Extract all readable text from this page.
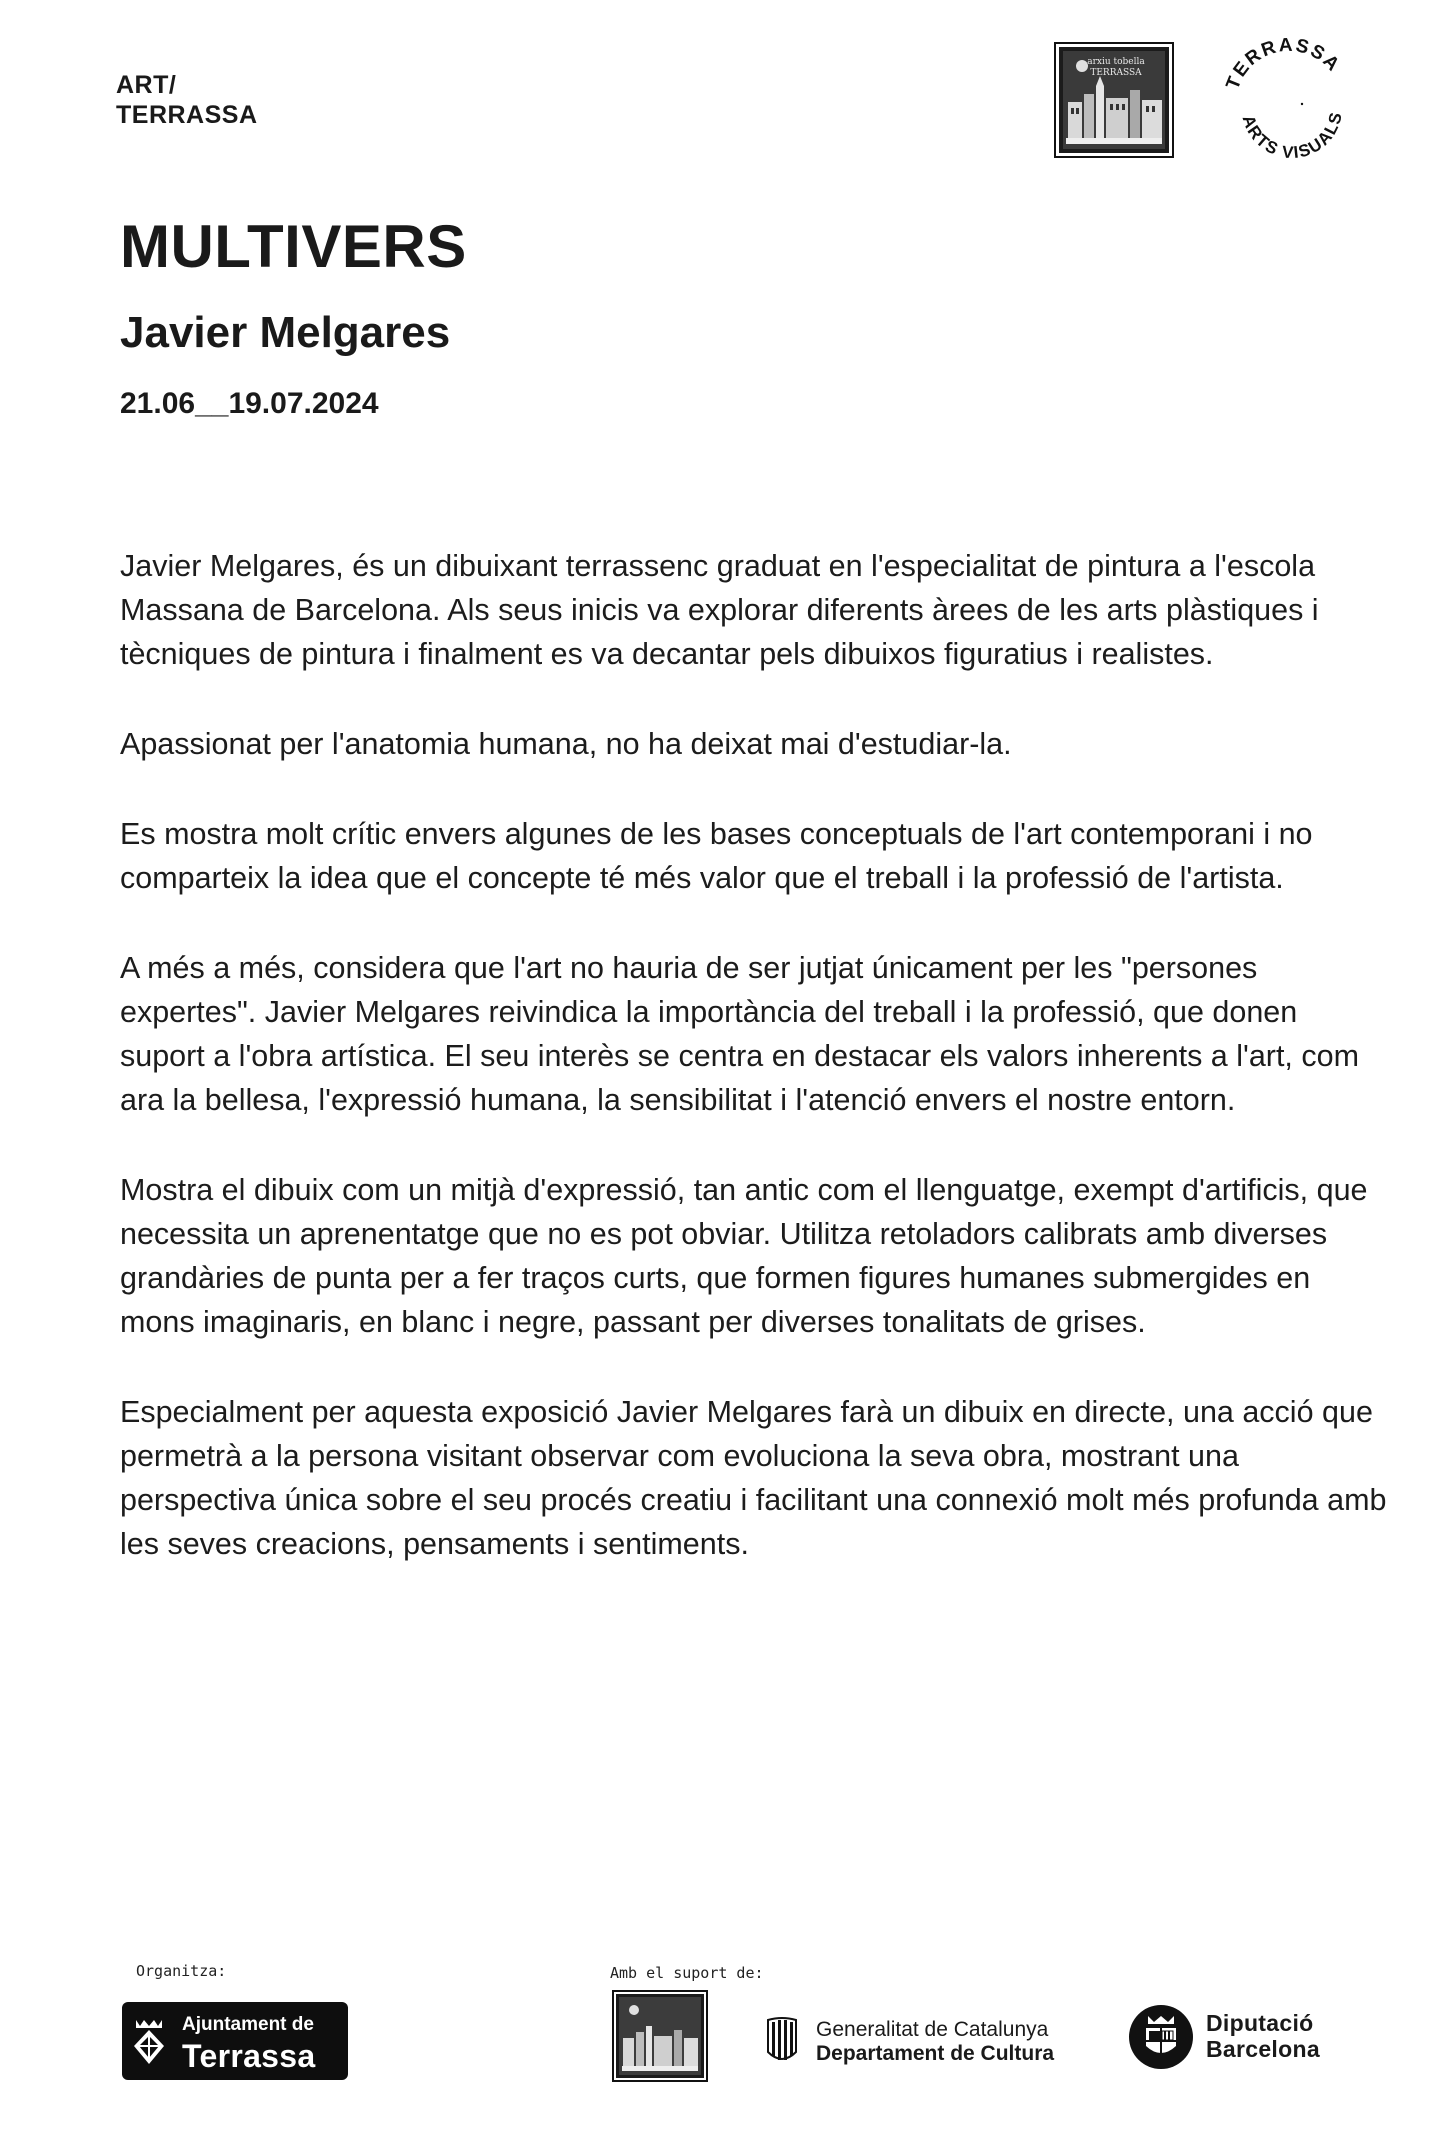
ART/
TERRASSA
arxiu tobella
TERRASSA	TERRASSA
ARTS VISUALS
MULTIVERS
Javier Melgares
21.06__19.07.2024

Javier Melgares, és un dibuixant terrassenc graduat en l'especialitat de pintura a l'escola Massana de Barcelona. Als seus inicis va explorar diferents àrees de les arts plàstiques i tècniques de pintura i finalment es va decantar pels dibuixos figuratius i realistes.

Apassionat per l'anatomia humana, no ha deixat mai d'estudiar-la.

Es mostra molt crític envers algunes de les bases conceptuals de l'art contemporani i no comparteix la idea que el concepte té més valor que el treball i la professió de l'artista.

A més a més, considera que l'art no hauria de ser jutjat únicament per les "persones expertes". Javier Melgares reivindica la importància del treball i la professió, que donen suport a l'obra artística. El seu interès se centra en destacar els valors inherents a l'art, com ara la bellesa, l'expressió humana, la sensibilitat i l'atenció envers el nostre entorn.

Mostra el dibuix com un mitjà d'expressió, tan antic com el llenguatge, exempt d'artificis, que necessita un aprenentatge que no es pot obviar. Utilitza retoladors calibrats amb diverses grandàries de punta per a fer traços curts, que formen figures humanes submergides en mons imaginaris, en blanc i negre, passant per diverses tonalitats de grises.

Especialment per aquesta exposició Javier Melgares farà un dibuix en directe, una acció que permetrà a la persona visitant observar com evoluciona la seva obra, mostrant una perspectiva única sobre el seu procés creatiu i facilitant una connexió molt més profunda amb les seves creacions, pensaments i sentiments.

Organitza:	Amb el suport de:
Ajuntament de
Terrassa
Generalitat de Catalunya
Departament de Cultura
Diputació
Barcelona
